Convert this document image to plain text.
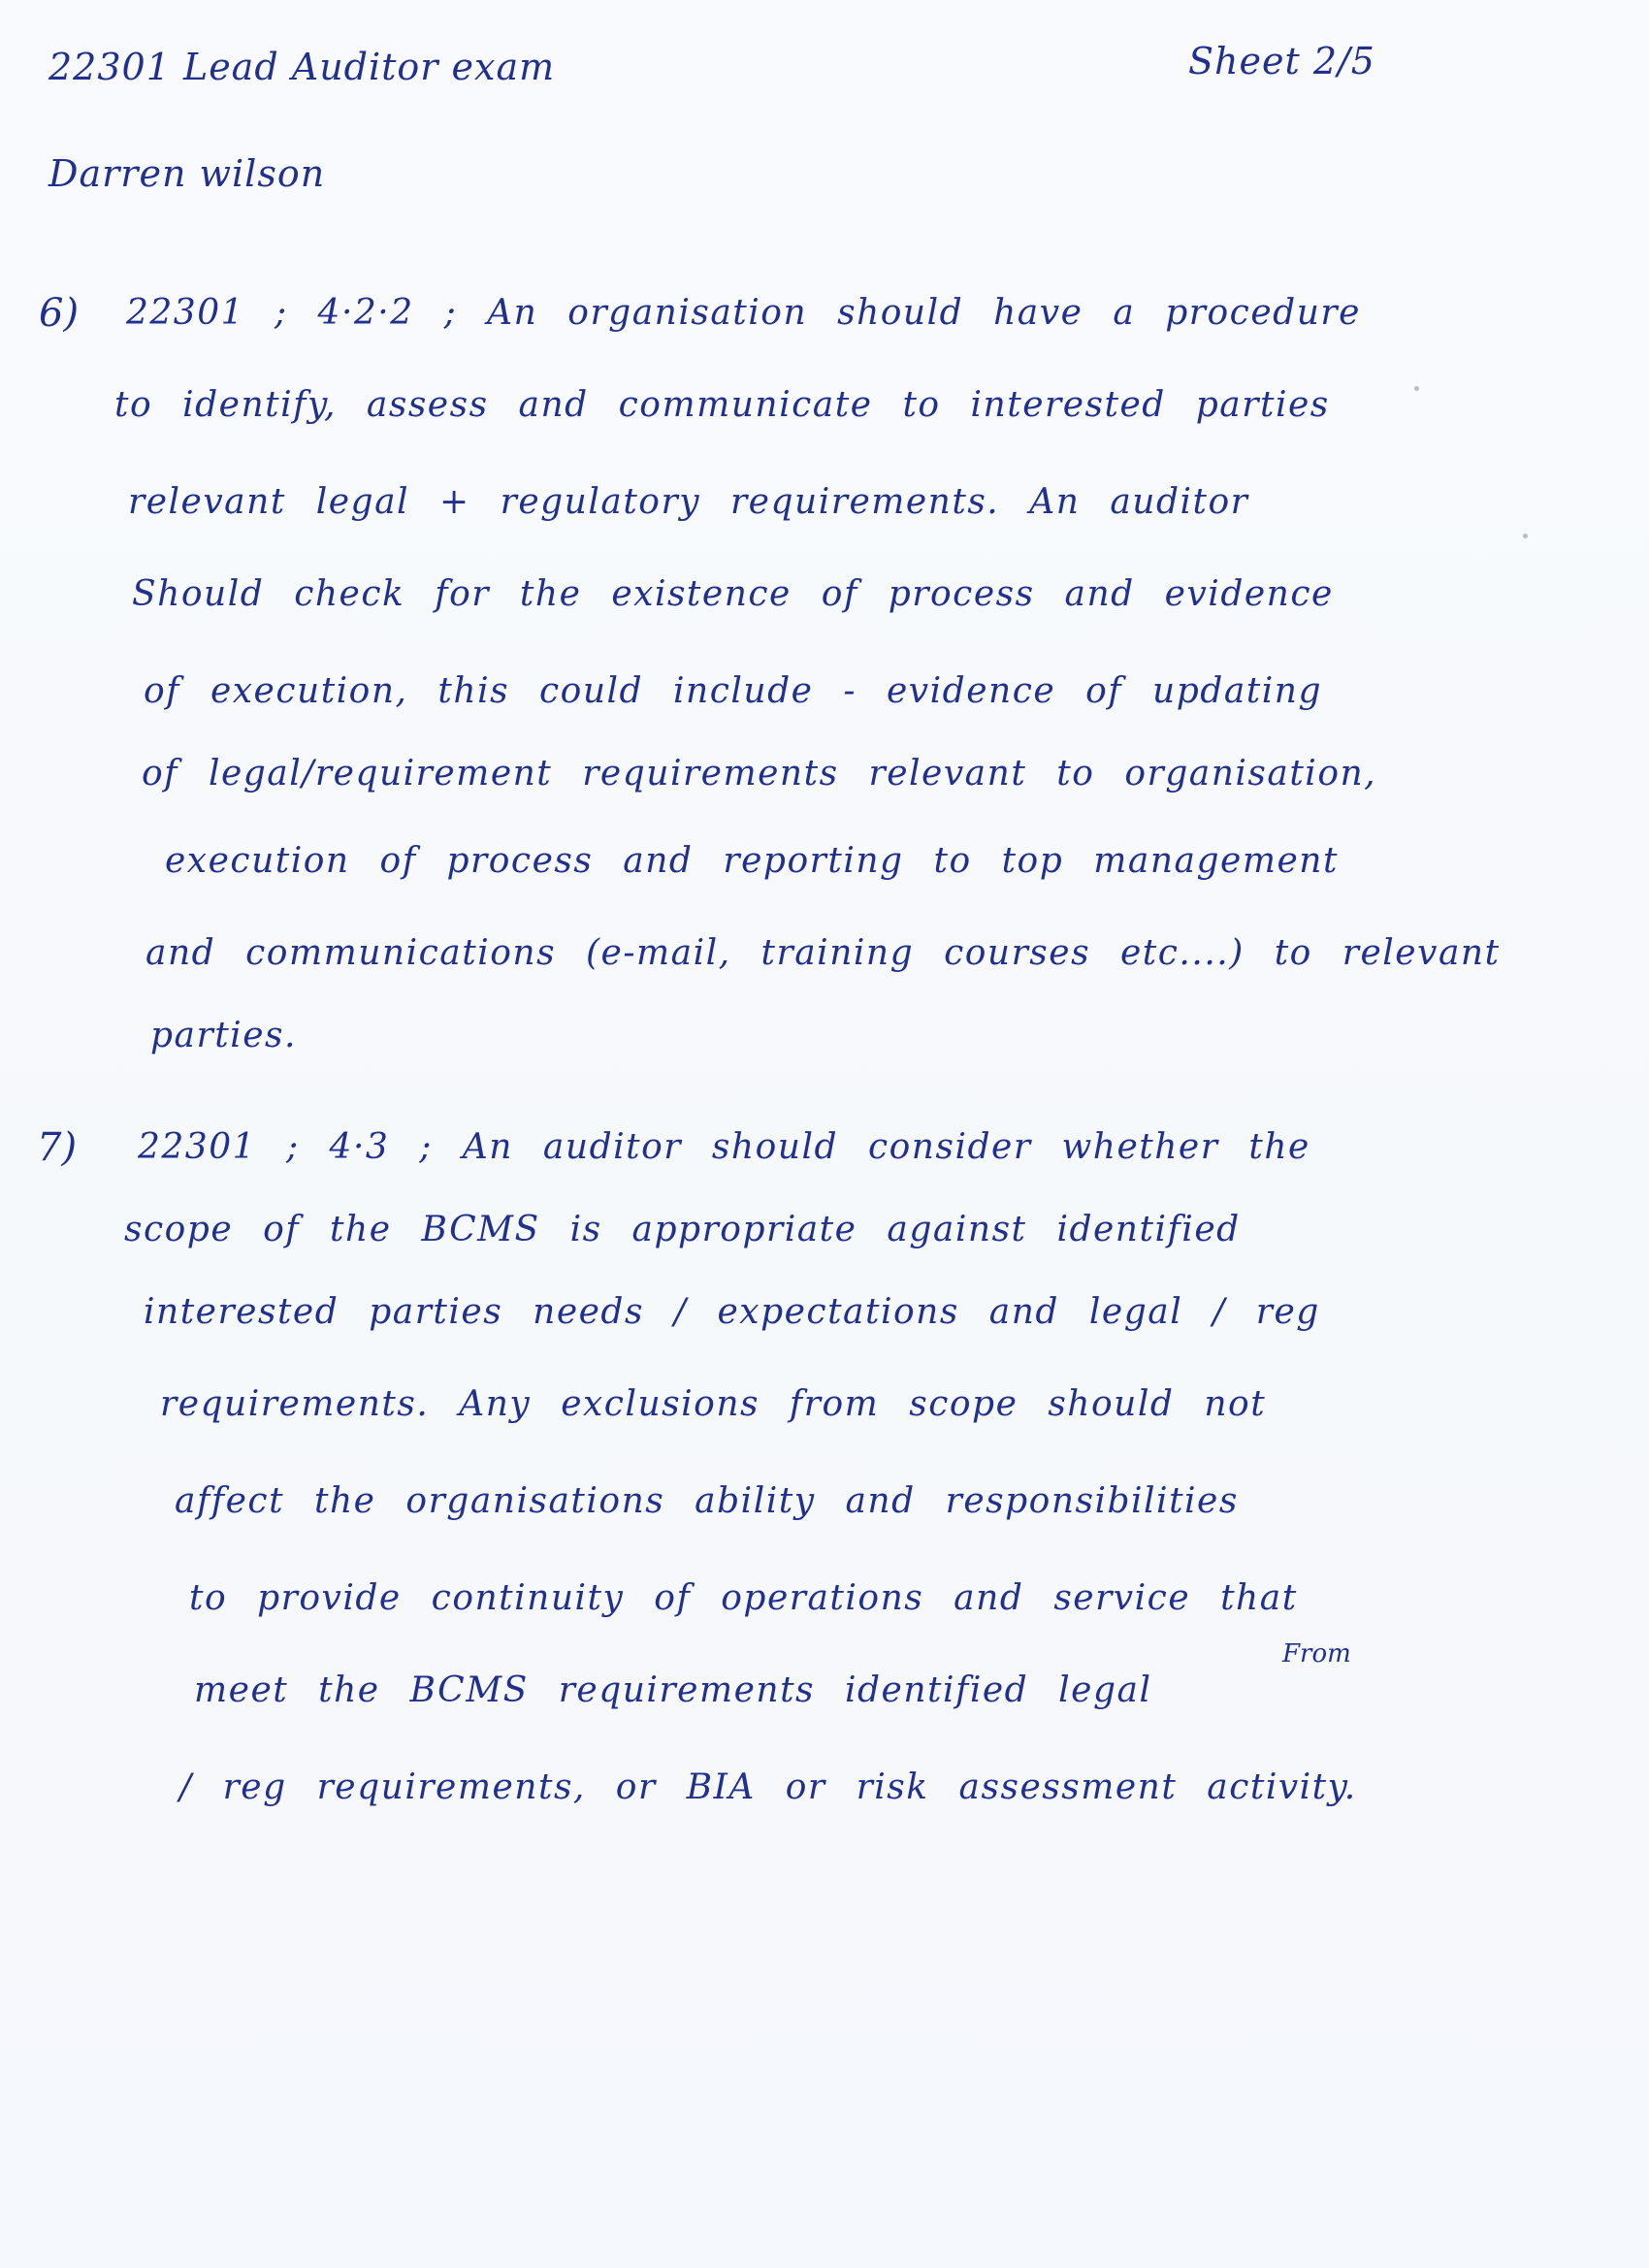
22301 Lead Auditor exam	Sheet 2/5
Darren wilson
6) 22301 ; 4·2·2 ; An organisation should have a procedure
to identify, assess and communicate to interested parties
relevant legal + regulatory requirements. An auditor
Should check for the existence of process and evidence
of execution, this could include - evidence of updating
of legal/requirement requirements relevant to organisation,
execution of process and reporting to top management
and communications (e-mail, training courses etc....) to relevant
parties.
7) 22301 ; 4·3 ; An auditor should consider whether the
scope of the BCMS is appropriate against identified
interested parties needs / expectations and legal / reg
requirements. Any exclusions from scope should not
affect the organisations ability and responsibilities
to provide continuity of operations and service that
From
meet the BCMS requirements identified legal
/ reg requirements, or BIA or risk assessment activity.
